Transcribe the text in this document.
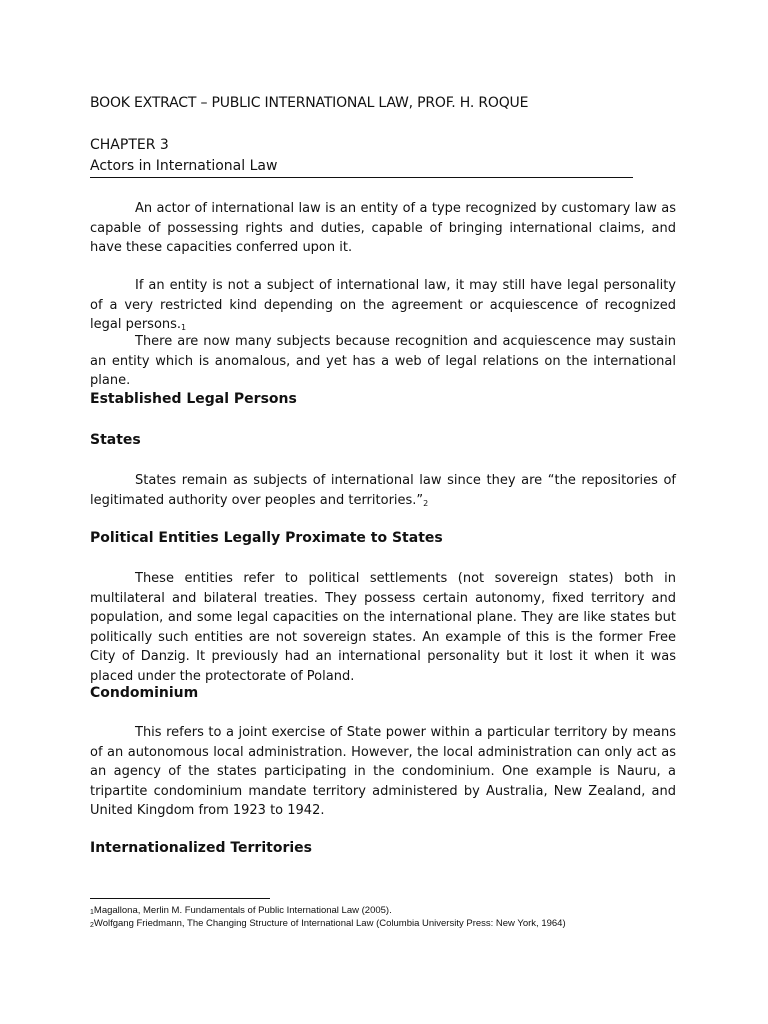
BOOK EXTRACT – PUBLIC INTERNATIONAL LAW, PROF. H. ROQUE
CHAPTER 3
Actors in International Law

An actor of international law is an entity of a type recognized by customary law as capable of possessing rights and duties, capable of bringing international claims, and have these capacities conferred upon it.

If an entity is not a subject of international law, it may still have legal personality of a very restricted kind depending on the agreement or acquiescence of recognized legal persons.$^1$

There are now many subjects because recognition and acquiescence may sustain an entity which is anomalous, and yet has a web of legal relations on the international plane.

Established Legal Persons
States

States remain as subjects of international law since they are “the repositories of legitimated authority over peoples and territories.”$^2$

Political Entities Legally Proximate to States

These entities refer to political settlements (not sovereign states) both in multilateral and bilateral treaties. They possess certain autonomy, fixed territory and population, and some legal capacities on the international plane. They are like states but politically such entities are not sovereign states. An example of this is the former Free City of Danzig. It previously had an international personality but it lost it when it was placed under the protectorate of Poland.

Condominium

This refers to a joint exercise of State power within a particular territory by means of an autonomous local administration. However, the local administration can only act as an agency of the states participating in the condominium. One example is Nauru, a tripartite condominium mandate territory administered by Australia, New Zealand, and United Kingdom from 1923 to 1942.

Internationalized Territories
1Magallona, Merlin M. Fundamentals of Public International Law (2005).
2Wolfgang Friedmann, The Changing Structure of International Law (Columbia University Press: New York, 1964)
